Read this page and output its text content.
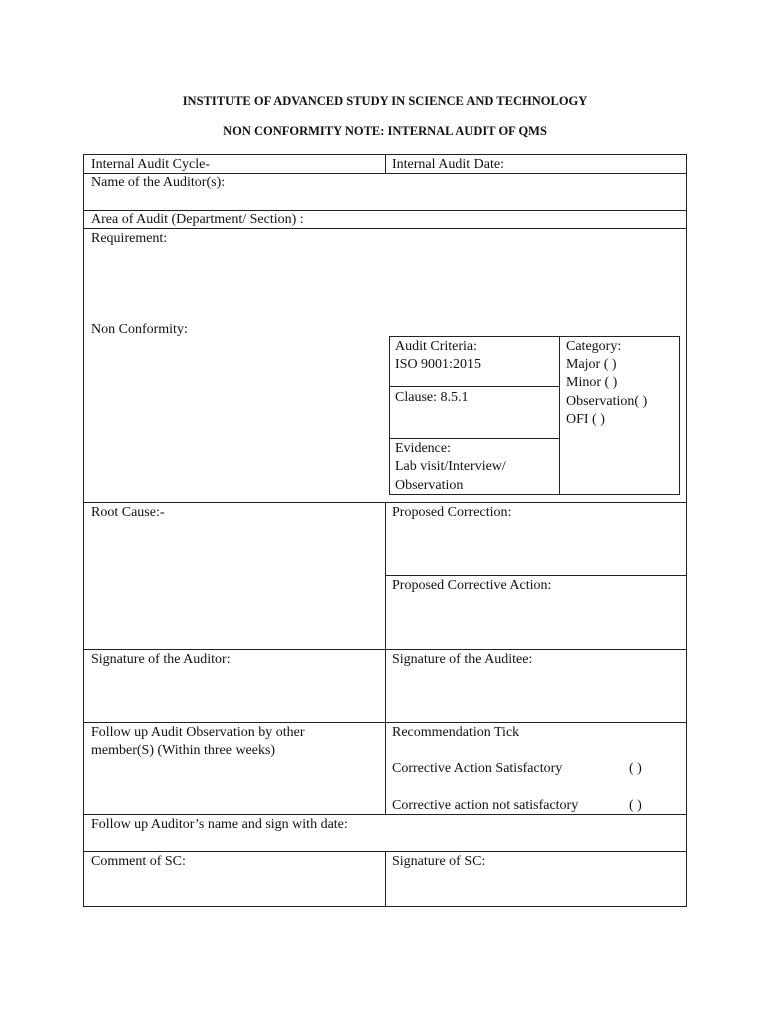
INSTITUTE OF ADVANCED STUDY IN SCIENCE AND TECHNOLOGY
NON CONFORMITY NOTE: INTERNAL AUDIT OF QMS
Internal Audit Cycle-	Internal Audit Date:
Name of the Auditor(s):
Area of Audit (Department/ Section) :
Requirement:
Non Conformity:
Audit Criteria:
ISO 9001:2015
Clause: 8.5.1
Evidence:
Lab visit/Interview/
Observation
Category:
Major ( )
Minor ( )
Observation( )
OFI ( )
Root Cause:-	Proposed Correction:
Proposed Corrective Action:
Signature of the Auditor:	Signature of the Auditee:
Follow up Audit Observation by other
member(S) (Within three weeks)
Recommendation Tick
Corrective Action Satisfactory	( )
Corrective action not satisfactory	( )
Follow up Auditor’s name and sign with date:
Comment of SC:	Signature of SC:
